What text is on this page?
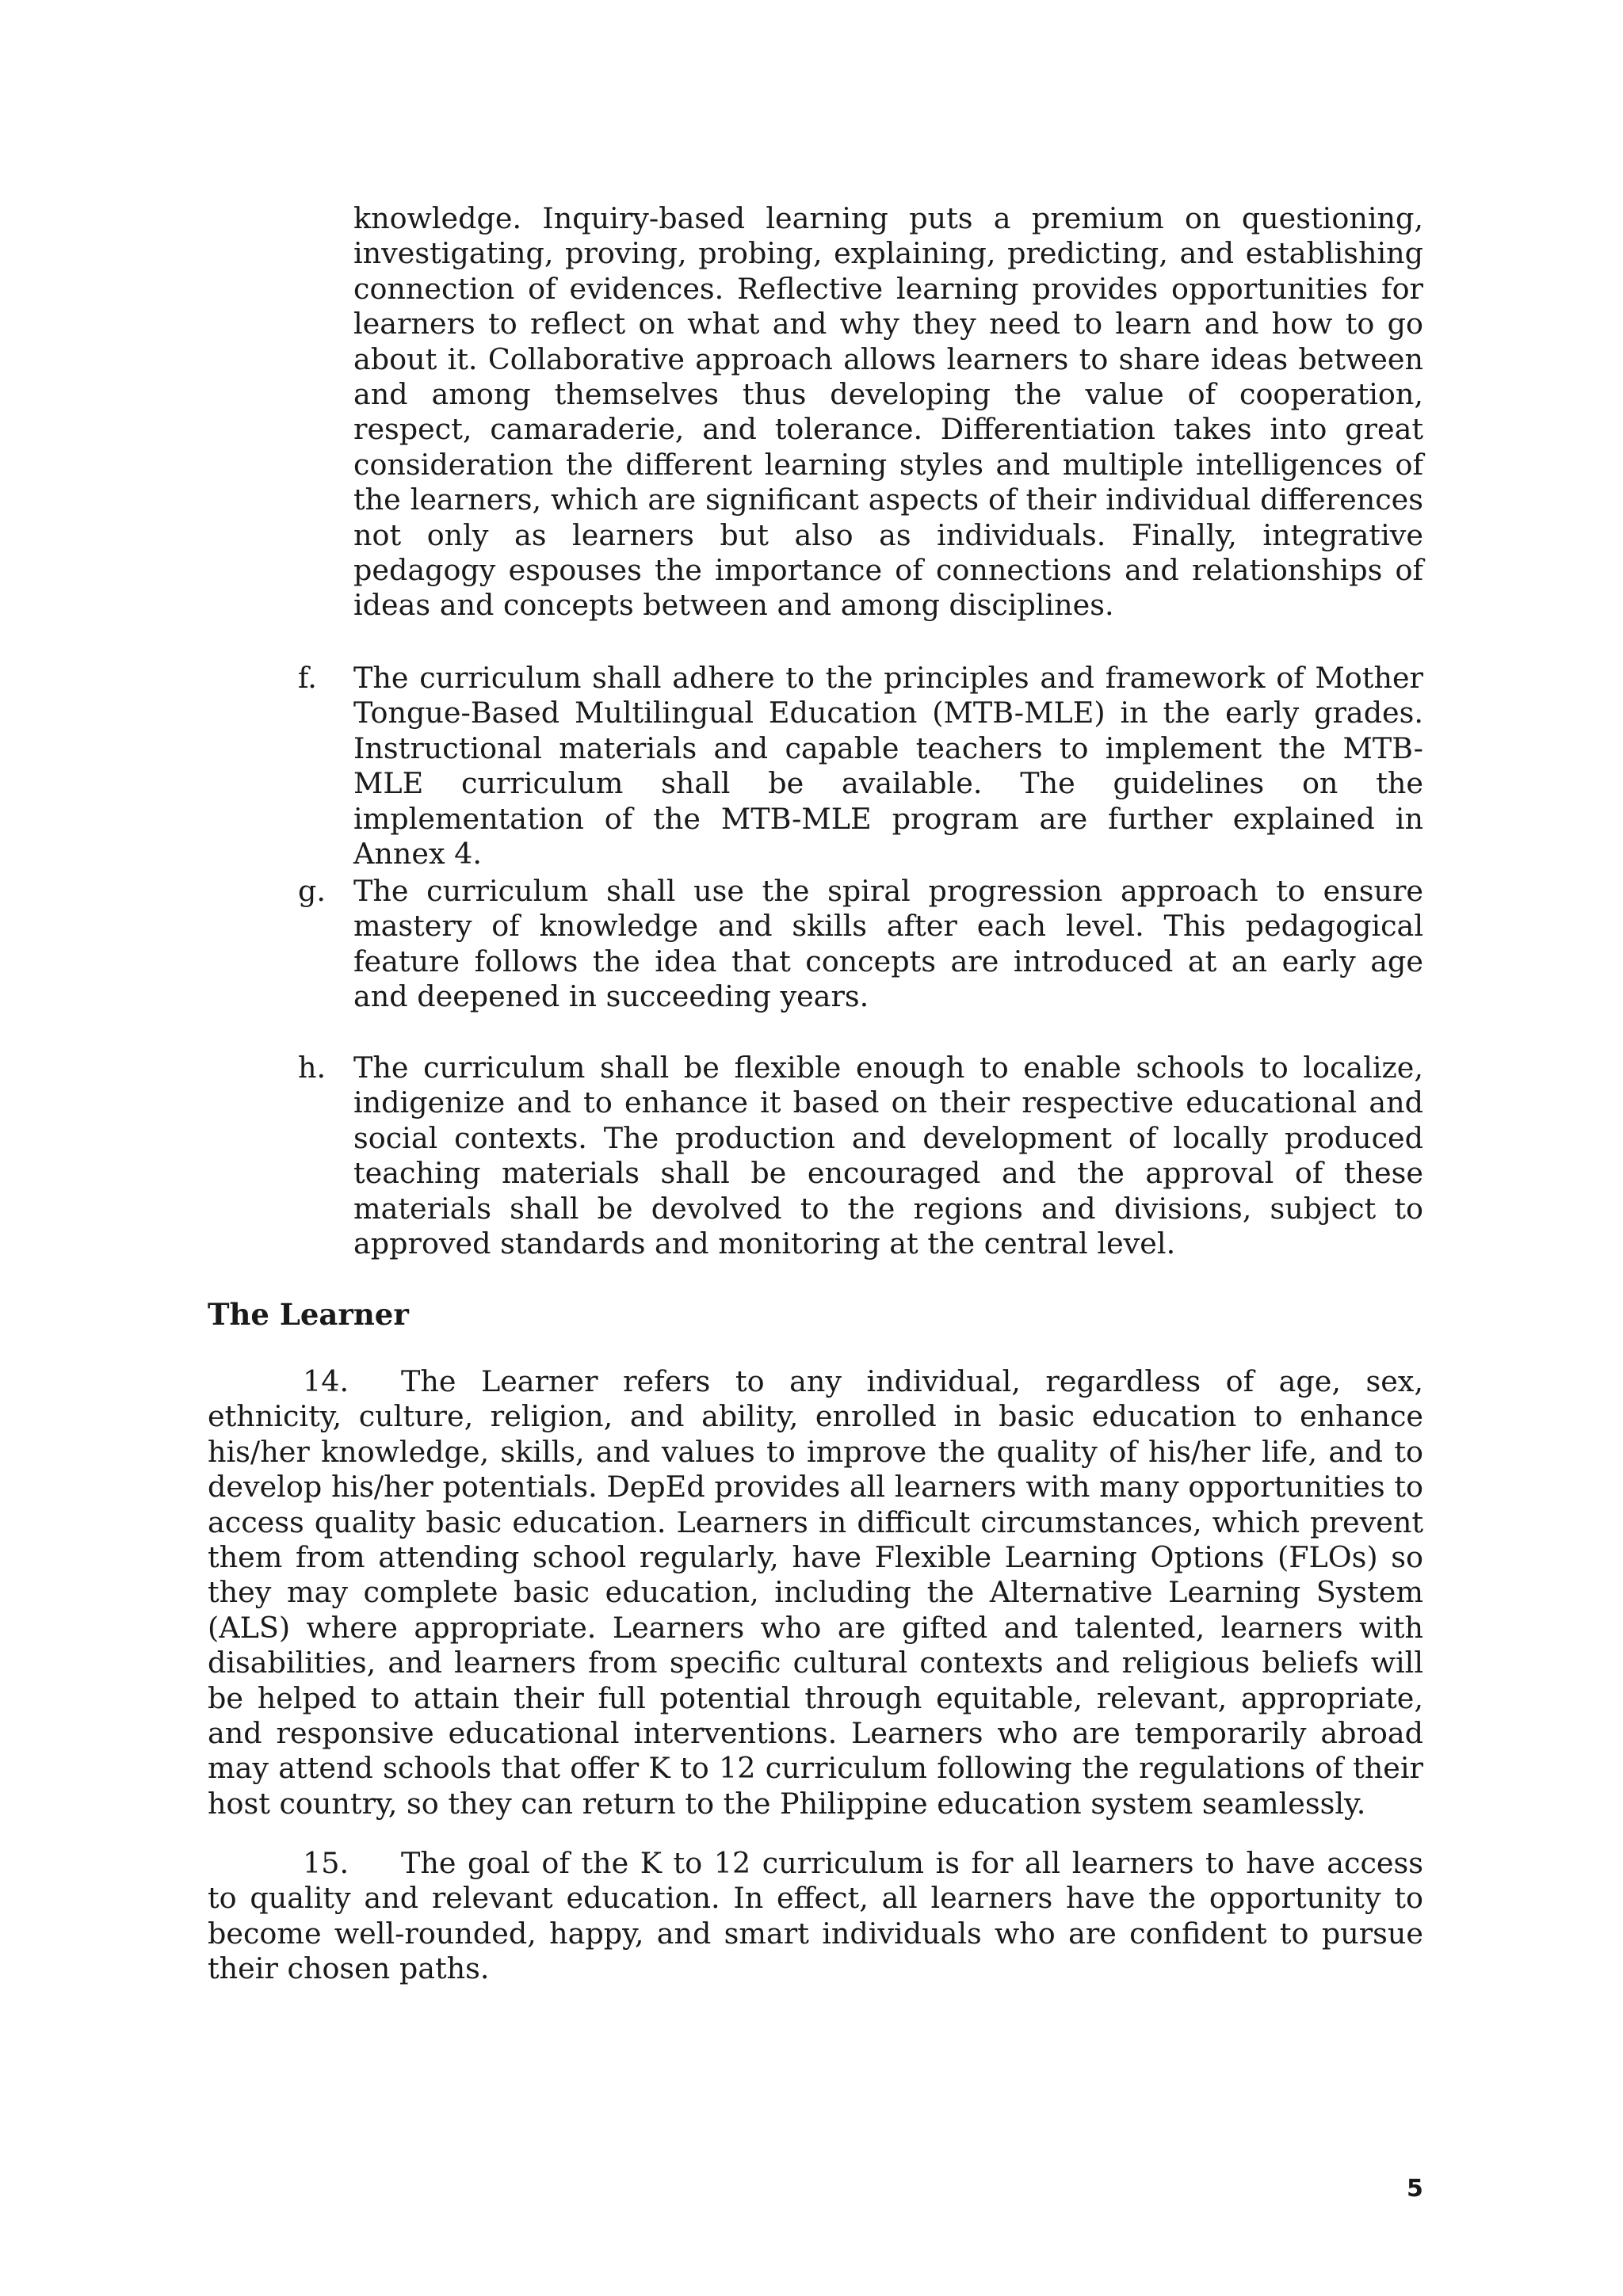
knowledge. Inquiry-based learning puts a premium on questioning, investigating, proving, probing, explaining, predicting, and establishing connection of evidences. Reflective learning provides opportunities for learners to reflect on what and why they need to learn and how to go about it. Collaborative approach allows learners to share ideas between and among themselves thus developing the value of cooperation, respect, camaraderie, and tolerance. Differentiation takes into great consideration the different learning styles and multiple intelligences of the learners, which are significant aspects of their individual differences not only as learners but also as individuals. Finally, integrative pedagogy espouses the importance of connections and relationships of ideas and concepts between and among disciplines.

f. The curriculum shall adhere to the principles and framework of Mother Tongue-Based Multilingual Education (MTB-MLE) in the early grades. Instructional materials and capable teachers to implement the MTB-MLE curriculum shall be available. The guidelines on the implementation of the MTB-MLE program are further explained in Annex 4.

g. The curriculum shall use the spiral progression approach to ensure mastery of knowledge and skills after each level. This pedagogical feature follows the idea that concepts are introduced at an early age and deepened in succeeding years.

h. The curriculum shall be flexible enough to enable schools to localize, indigenize and to enhance it based on their respective educational and social contexts. The production and development of locally produced teaching materials shall be encouraged and the approval of these materials shall be devolved to the regions and divisions, subject to approved standards and monitoring at the central level.

The Learner

14. The Learner refers to any individual, regardless of age, sex, ethnicity, culture, religion, and ability, enrolled in basic education to enhance his/her knowledge, skills, and values to improve the quality of his/her life, and to develop his/her potentials. DepEd provides all learners with many opportunities to access quality basic education. Learners in difficult circumstances, which prevent them from attending school regularly, have Flexible Learning Options (FLOs) so they may complete basic education, including the Alternative Learning System (ALS) where appropriate. Learners who are gifted and talented, learners with disabilities, and learners from specific cultural contexts and religious beliefs will be helped to attain their full potential through equitable, relevant, appropriate, and responsive educational interventions. Learners who are temporarily abroad may attend schools that offer K to 12 curriculum following the regulations of their host country, so they can return to the Philippine education system seamlessly.

15. The goal of the K to 12 curriculum is for all learners to have access to quality and relevant education. In effect, all learners have the opportunity to become well-rounded, happy, and smart individuals who are confident to pursue their chosen paths.

5
